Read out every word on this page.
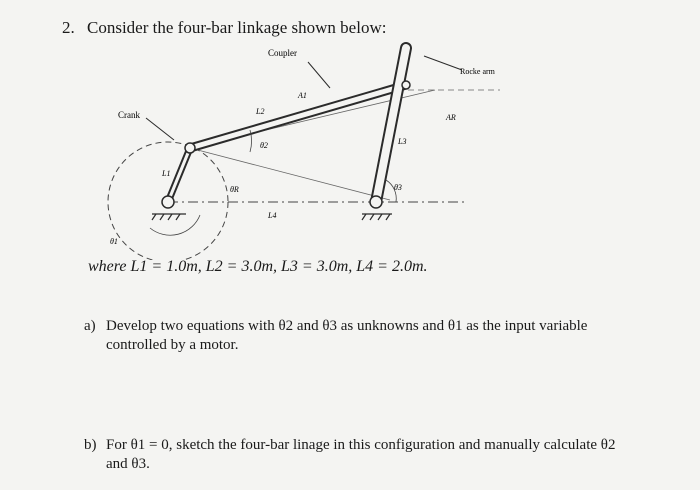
2. Consider the four-bar linkage shown below:
Coupler
Rocke arm
Crank
A1
AR
L1
L2
L3
L4
θ1
θ2
θ3
θR
where L1 = 1.0m, L2 = 3.0m, L3 = 3.0m, L4 = 2.0m.
a) Develop two equations with θ2 and θ3 as unknowns and θ1 as the input variable
controlled by a motor.
b) For θ1 = 0, sketch the four-bar linage in this configuration and manually calculate θ2
and θ3.
